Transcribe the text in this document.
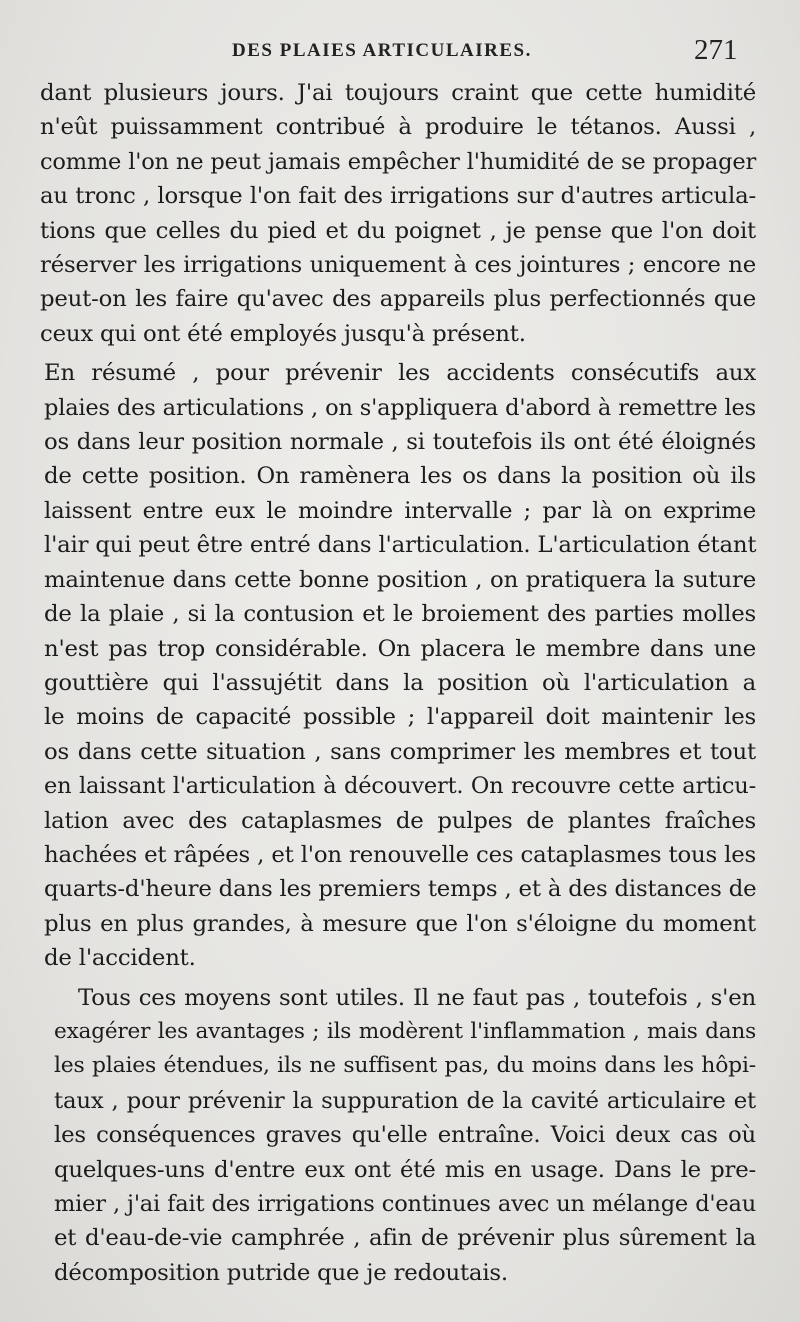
DES PLAIES ARTICULAIRES.	271
dant plusieurs jours. J'ai toujours craint que cette humidité
n'eût puissamment contribué à produire le tétanos. Aussi ,
comme l'on ne peut jamais empêcher l'humidité de se propager
au tronc , lorsque l'on fait des irrigations sur d'autres articula-
tions que celles du pied et du poignet , je pense que l'on doit
réserver les irrigations uniquement à ces jointures ; encore ne
peut-on les faire qu'avec des appareils plus perfectionnés que
ceux qui ont été employés jusqu'à présent.
En résumé , pour prévenir les accidents consécutifs aux
plaies des articulations , on s'appliquera d'abord à remettre les
os dans leur position normale , si toutefois ils ont été éloignés
de cette position. On ramènera les os dans la position où ils
laissent entre eux le moindre intervalle ; par là on exprime
l'air qui peut être entré dans l'articulation. L'articulation étant
maintenue dans cette bonne position , on pratiquera la suture
de la plaie , si la contusion et le broiement des parties molles
n'est pas trop considérable. On placera le membre dans une
gouttière qui l'assujétit dans la position où l'articulation a
le moins de capacité possible ; l'appareil doit maintenir les
os dans cette situation , sans comprimer les membres et tout
en laissant l'articulation à découvert. On recouvre cette articu-
lation avec des cataplasmes de pulpes de plantes fraîches
hachées et râpées , et l'on renouvelle ces cataplasmes tous les
quarts-d'heure dans les premiers temps , et à des distances de
plus en plus grandes, à mesure que l'on s'éloigne du moment
de l'accident.
Tous ces moyens sont utiles. Il ne faut pas , toutefois , s'en
exagérer les avantages ; ils modèrent l'inflammation , mais dans
les plaies étendues, ils ne suffisent pas, du moins dans les hôpi-
taux , pour prévenir la suppuration de la cavité articulaire et
les conséquences graves qu'elle entraîne. Voici deux cas où
quelques-uns d'entre eux ont été mis en usage. Dans le pre-
mier , j'ai fait des irrigations continues avec un mélange d'eau
et d'eau-de-vie camphrée , afin de prévenir plus sûrement la
décomposition putride que je redoutais.
